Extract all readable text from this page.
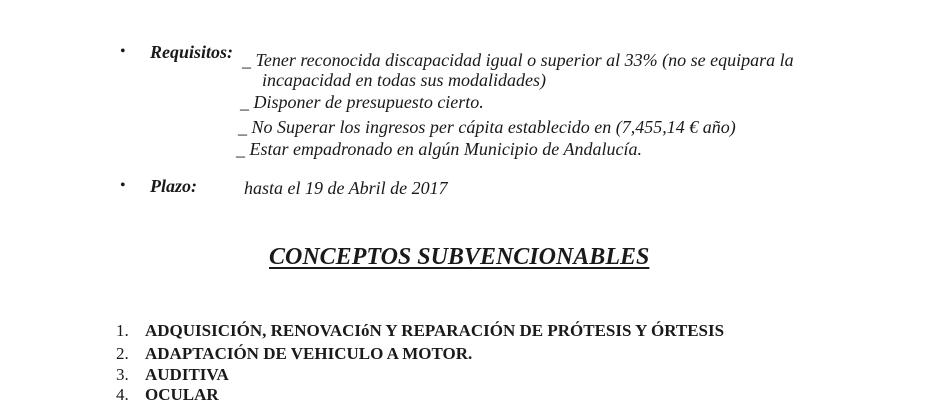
• Requisitos: _ Tener reconocida discapacidad igual o superior al 33% (no se equipara la
incapacidad en todas sus modalidades)
_ Disponer de presupuesto cierto.
_ No Superar los ingresos per cápita establecido en (7,455,14 € año)
_ Estar empadronado en algún Municipio de Andalucía.
• Plazo:	hasta el 19 de Abril de 2017
CONCEPTOS SUBVENCIONABLES
1. ADQUISICIÓN, RENOVACIóN Y REPARACIÓN DE PRÓTESIS Y ÓRTESIS
2. ADAPTACIÓN DE VEHICULO A MOTOR.
3. AUDITIVA
4. OCULAR
